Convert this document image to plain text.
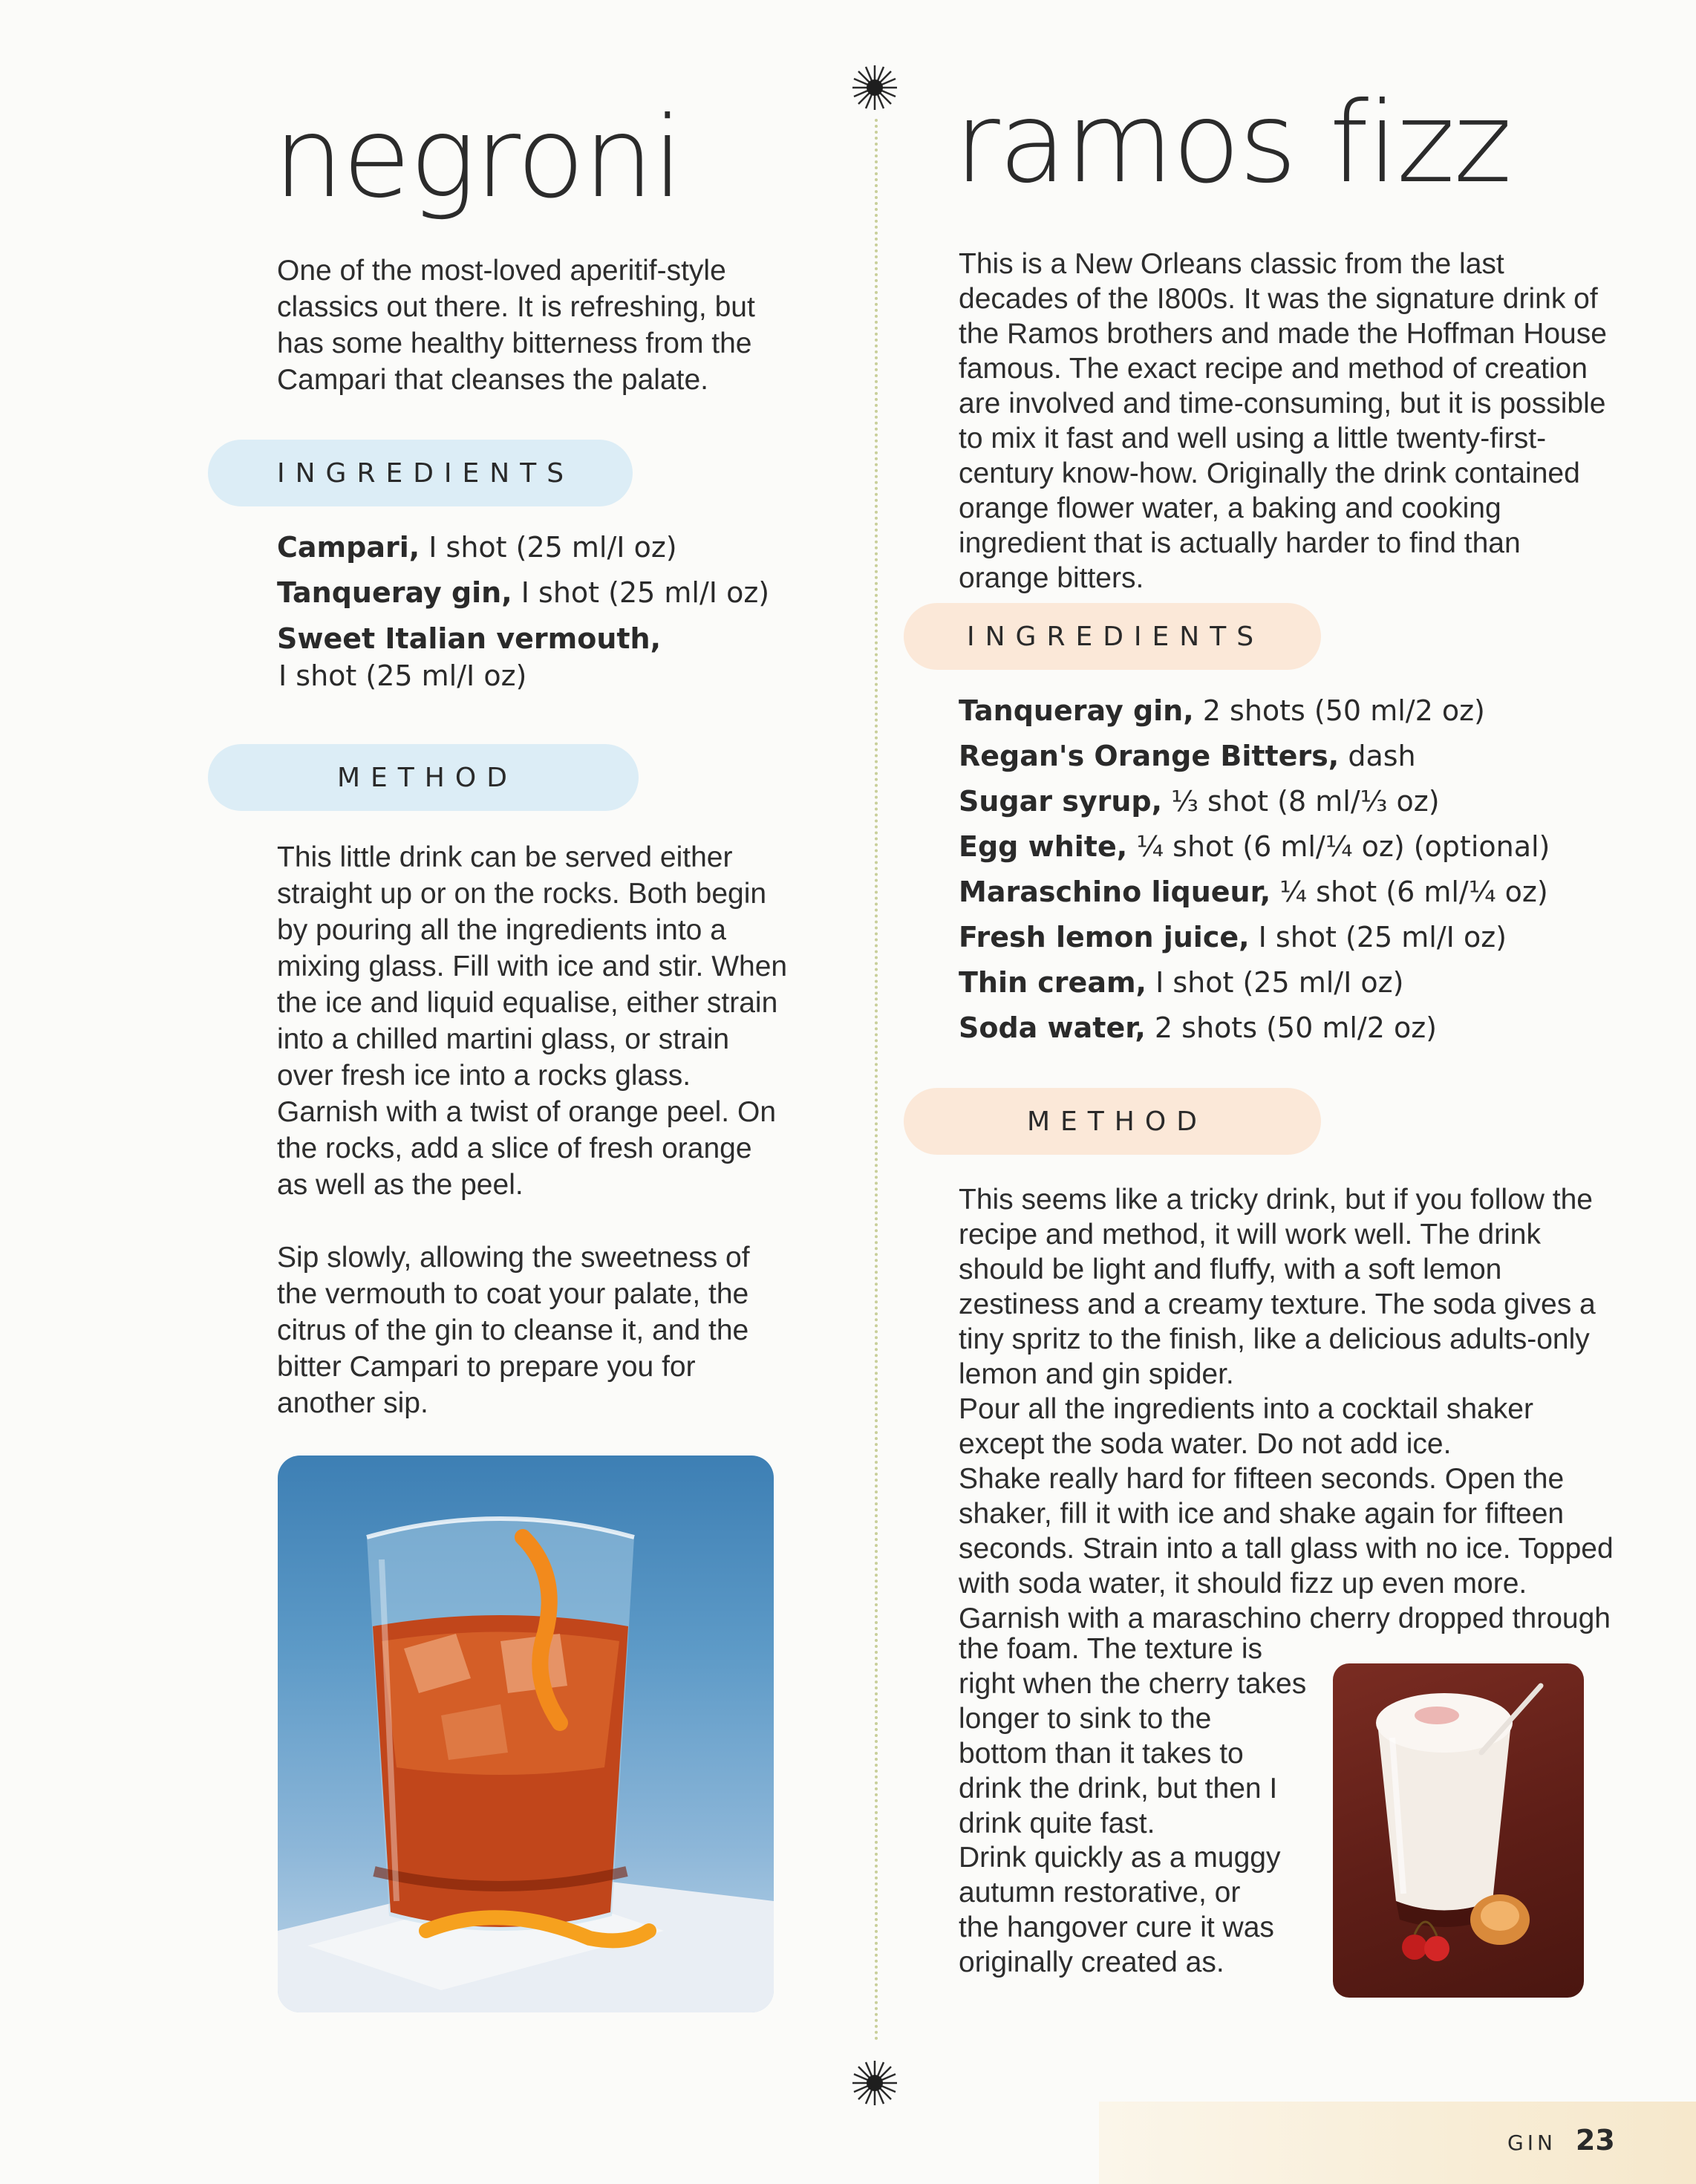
negroni

One of the most-loved aperitif-style classics out there. It is refreshing, but has some healthy bitterness from the Campari that cleanses the palate.

INGREDIENTS
Campari, I shot (25 ml/I oz)
Tanqueray gin, I shot (25 ml/I oz)
Sweet Italian vermouth,
I shot (25 ml/I oz)
METHOD

This little drink can be served either straight up or on the rocks. Both begin by pouring all the ingredients into a mixing glass. Fill with ice and stir. When the ice and liquid equalise, either strain into a chilled martini glass, or strain over fresh ice into a rocks glass.

Garnish with a twist of orange peel. On the rocks, add a slice of fresh orange as well as the peel.

Sip slowly, allowing the sweetness of the vermouth to coat your palate, the citrus of the gin to cleanse it, and the bitter Campari to prepare you for another sip.

ramos fizz

This is a New Orleans classic from the last decades of the I800s. It was the signature drink of the Ramos brothers and made the Hoffman House famous. The exact recipe and method of creation are involved and time-consuming, but it is possible to mix it fast and well using a little twenty-first-century know-how. Originally the drink contained orange flower water, a baking and cooking ingredient that is actually harder to find than orange bitters.

INGREDIENTS
Tanqueray gin, 2 shots (50 ml/2 oz)
Regan's Orange Bitters, dash
Sugar syrup, ⅓ shot (8 ml/⅓ oz)
Egg white, ¼ shot (6 ml/¼ oz) (optional)
Maraschino liqueur, ¼ shot (6 ml/¼ oz)
Fresh lemon juice, I shot (25 ml/I oz)
Thin cream, I shot (25 ml/I oz)
Soda water, 2 shots (50 ml/2 oz)
METHOD

This seems like a tricky drink, but if you follow the recipe and method, it will work well. The drink should be light and fluffy, with a soft lemon zestiness and a creamy texture. The soda gives a tiny spritz to the finish, like a delicious adults-only lemon and gin spider.

Pour all the ingredients into a cocktail shaker except the soda water. Do not add ice.

Shake really hard for fifteen seconds. Open the shaker, fill it with ice and shake again for fifteen seconds. Strain into a tall glass with no ice. Topped with soda water, it should fizz up even more.

Garnish with a maraschino cherry dropped through

the foam. The texture is right when the cherry takes longer to sink to the bottom than it takes to drink the drink, but then I drink quite fast.

Drink quickly as a muggy autumn restorative, or the hangover cure it was originally created as.

GIN 23
